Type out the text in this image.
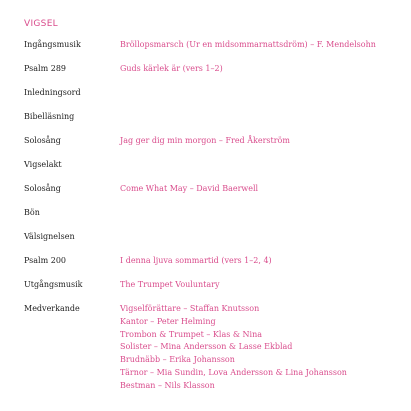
VIGSEL
Ingångsmusik	Bröllopsmarsch (Ur en midsommarnattsdröm) – F. Mendelsohn
Psalm 289	Guds kärlek är (vers 1–2)
Inledningsord
Bibelläsning
Solosång	Jag ger dig min morgon – Fred Åkerström
Vigselakt
Solosång	Come What May – David Baerwell
Bön
Välsignelsen
Psalm 200	I denna ljuva sommartid (vers 1–2, 4)
Utgångsmusik	The Trumpet Vouluntary
Medverkande	Vigselförättare – Staffan Knutsson
Kantor – Peter Helming
Trombon & Trumpet – Klas & Nina
Solister – Mina Andersson & Lasse Ekblad
Brudnäbb – Erika Johansson
Tärnor – Mia Sundin, Lova Andersson & Lina Johansson
Bestman – Nils Klasson
